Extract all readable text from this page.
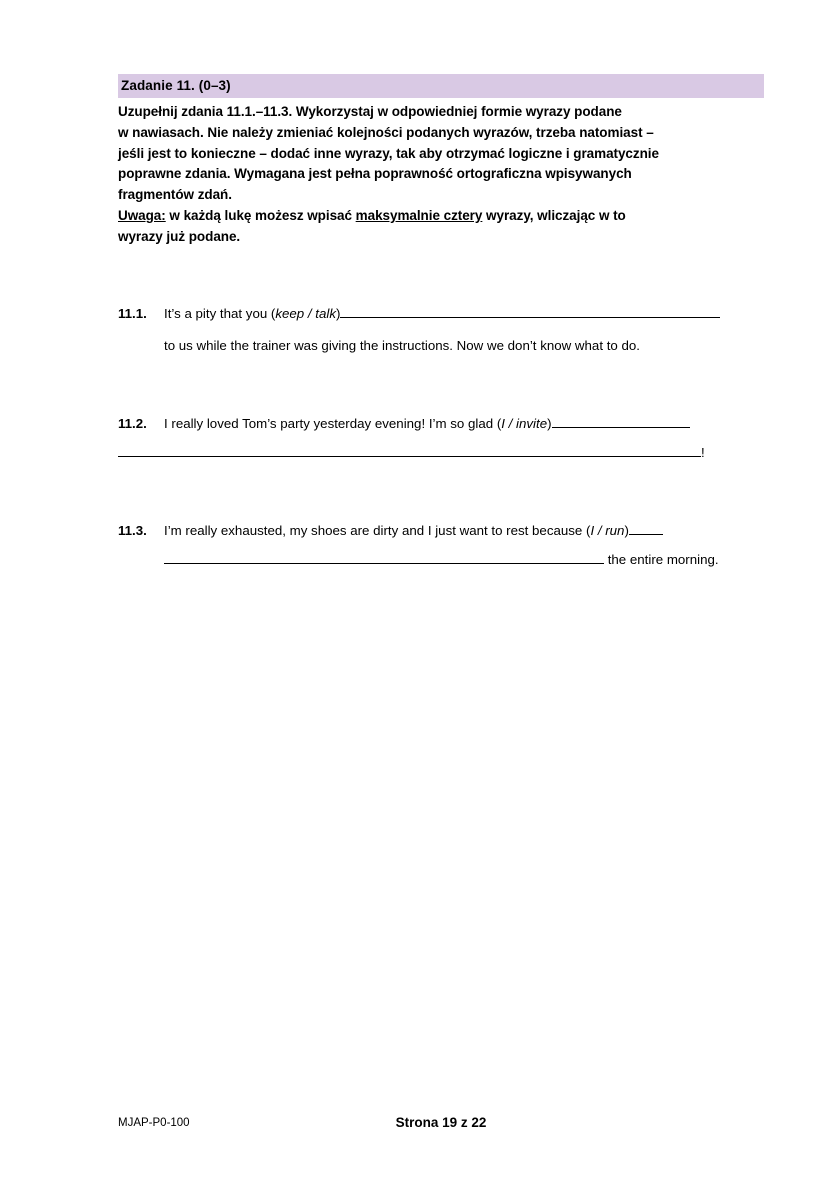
Zadanie 11. (0–3)
Uzupełnij zdania 11.1.–11.3. Wykorzystaj w odpowiedniej formie wyrazy podane
w nawiasach. Nie należy zmieniać kolejności podanych wyrazów, trzeba natomiast –
jeśli jest to konieczne – dodać inne wyrazy, tak aby otrzymać logiczne i gramatycznie
poprawne zdania. Wymagana jest pełna poprawność ortograficzna wpisywanych
fragmentów zdań.
Uwaga: w każdą lukę możesz wpisać maksymalnie cztery wyrazy, wliczając w to
wyrazy już podane.
11.1.	It’s a pity that you (keep / talk)
to us while the trainer was giving the instructions. Now we don’t know what to do.
11.2.	I really loved Tom’s party yesterday evening! I’m so glad (I / invite)
!
11.3.	I’m really exhausted, my shoes are dirty and I just want to rest because (I / run)
the entire morning.
MJAP-P0-100	Strona 19 z 22
